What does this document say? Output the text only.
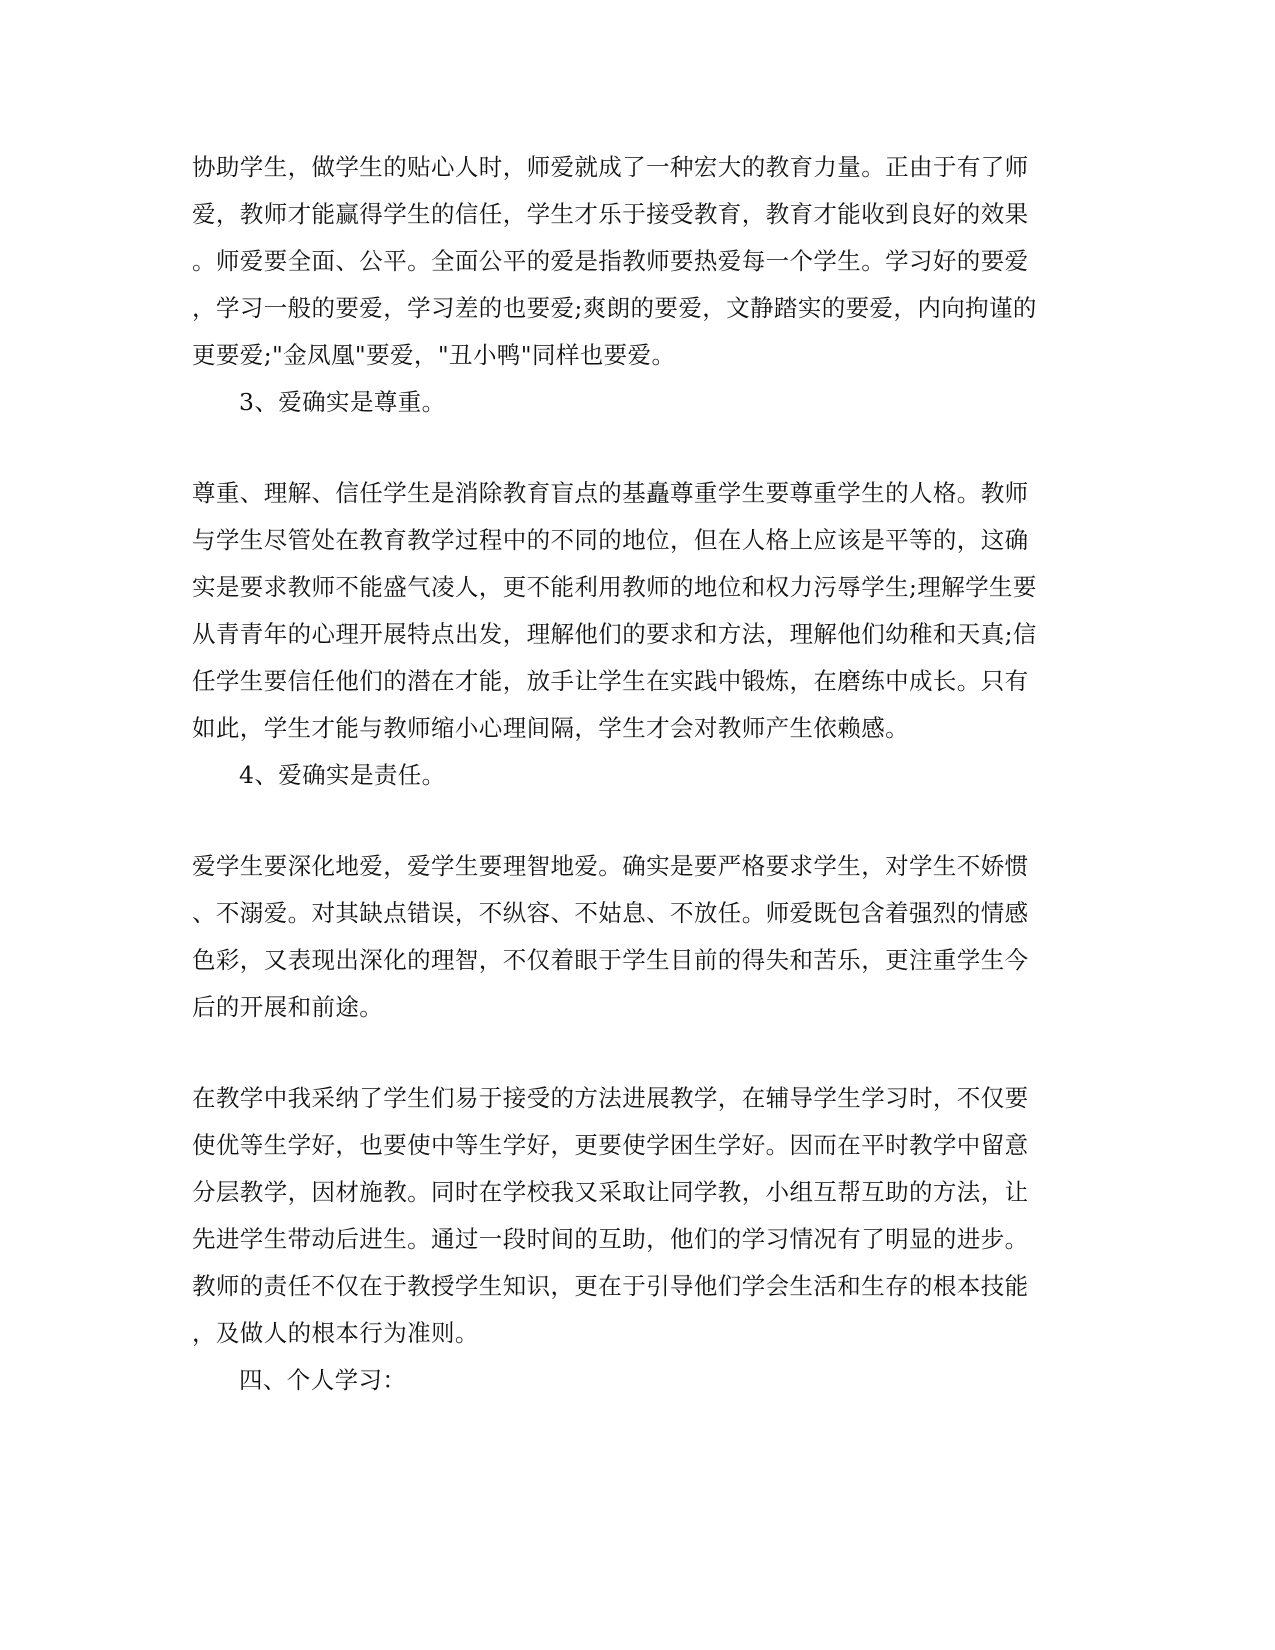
协助学生，做学生的贴心人时，师爱就成了一种宏大的教育力量。正由于有了师
爱，教师才能赢得学生的信任，学生才乐于接受教育，教育才能收到良好的效果
。师爱要全面、公平。全面公平的爱是指教师要热爱每一个学生。学习好的要爱
，学习一般的要爱，学习差的也要爱;爽朗的要爱，文静踏实的要爱，内向拘谨的
更要爱;"金凤凰"要爱，"丑小鸭"同样也要爱。
3、爱确实是尊重。
尊重、理解、信任学生是消除教育盲点的基矗尊重学生要尊重学生的人格。教师
与学生尽管处在教育教学过程中的不同的地位，但在人格上应该是平等的，这确
实是要求教师不能盛气凌人，更不能利用教师的地位和权力污辱学生;理解学生要
从青青年的心理开展特点出发，理解他们的要求和方法，理解他们幼稚和天真;信
任学生要信任他们的潜在才能，放手让学生在实践中锻炼，在磨练中成长。只有
如此，学生才能与教师缩小心理间隔，学生才会对教师产生依赖感。
4、爱确实是责任。
爱学生要深化地爱，爱学生要理智地爱。确实是要严格要求学生，对学生不娇惯
、不溺爱。对其缺点错误，不纵容、不姑息、不放任。师爱既包含着强烈的情感
色彩，又表现出深化的理智，不仅着眼于学生目前的得失和苦乐，更注重学生今
后的开展和前途。
在教学中我采纳了学生们易于接受的方法进展教学，在辅导学生学习时，不仅要
使优等生学好，也要使中等生学好，更要使学困生学好。因而在平时教学中留意
分层教学，因材施教。同时在学校我又采取让同学教，小组互帮互助的方法，让
先进学生带动后进生。通过一段时间的互助，他们的学习情况有了明显的进步。
教师的责任不仅在于教授学生知识，更在于引导他们学会生活和生存的根本技能
，及做人的根本行为准则。
四、个人学习：
